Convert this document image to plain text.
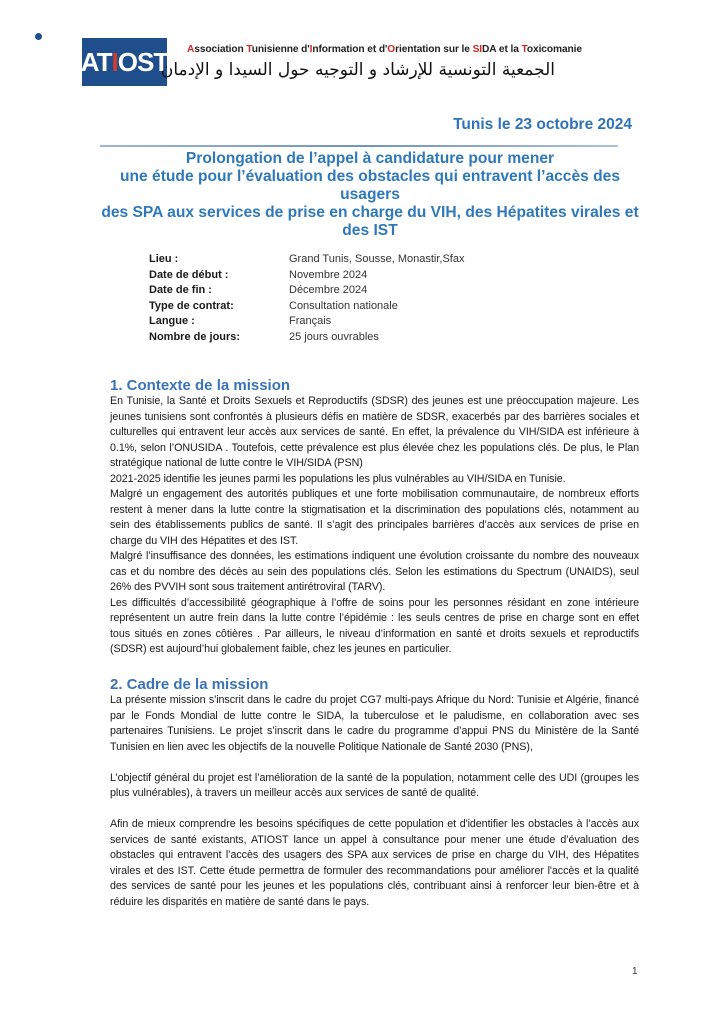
ATIOST Association Tunisienne d'Information et d'Orientation sur le SIDA et la Toxicomanie
الجمعية التونسية للإرشاد و التوجيه حول السيدا و الإدمان
Tunis le 23 octobre 2024
Prolongation de l’appel à candidature pour mener
une étude pour l’évaluation des obstacles qui entravent l’accès des usagers
des SPA aux services de prise en charge du VIH, des Hépatites virales et
des IST
Lieu :	Grand Tunis, Sousse, Monastir,Sfax
Date de début :	Novembre 2024
Date de fin :	Décembre 2024
Type de contrat:	Consultation nationale
Langue :	Français
Nombre de jours:	25 jours ouvrables
1. Contexte de la mission

En Tunisie, la Santé et Droits Sexuels et Reproductifs (SDSR) des jeunes est une préoccupation majeure. Les jeunes tunisiens sont confrontés à plusieurs défis en matière de SDSR, exacerbés par des barrières sociales et culturelles qui entravent leur accès aux services de santé. En effet, la prévalence du VIH/SIDA est inférieure à 0.1%, selon l’ONUSIDA . Toutefois, cette prévalence est plus élevée chez les populations clés. De plus, le Plan stratégique national de lutte contre le VIH/SIDA (PSN)

2021-2025 identifie les jeunes parmi les populations les plus vulnérables au VIH/SIDA en Tunisie.

Malgré un engagement des autorités publiques et une forte mobilisation communautaire, de nombreux efforts restent à mener dans la lutte contre la stigmatisation et la discrimination des populations clés, notamment au sein des établissements publics de santé. Il s’agit des principales barrières d’accès aux services de prise en charge du VIH des Hépatites et des IST.

Malgré l’insuffisance des données, les estimations indiquent une évolution croissante du nombre des nouveaux cas et du nombre des décès au sein des populations clés. Selon les estimations du Spectrum (UNAIDS), seul 26% des PVVIH sont sous traitement antirétroviral (TARV).

Les difficultés d’accessibilité géographique à l’offre de soins pour les personnes résidant en zone intérieure représentent un autre frein dans la lutte contre l’épidémie : les seuls centres de prise en charge sont en effet tous situés en zones côtières . Par ailleurs, le niveau d’information en santé et droits sexuels et reproductifs (SDSR) est aujourd’hui globalement faible, chez les jeunes en particulier.

2. Cadre de la mission

La présente mission s'inscrit dans le cadre du projet CG7 multi-pays Afrique du Nord: Tunisie et Algérie, financé par le Fonds Mondial de lutte contre le SIDA, la tuberculose et le paludisme, en collaboration avec ses partenaires Tunisiens. Le projet s’inscrit dans le cadre du programme d’appui PNS du Ministère de la Santé Tunisien en lien avec les objectifs de la nouvelle Politique Nationale de Santé 2030 (PNS),

L’objectif général du projet est l’amélioration de la santé de la population, notamment celle des UDI (groupes les plus vulnérables), à travers un meilleur accès aux services de santé de qualité.

Afin de mieux comprendre les besoins spécifiques de cette population et d'identifier les obstacles à l’accès aux services de santé existants, ATIOST lance un appel à consultance pour mener une étude d’évaluation des obstacles qui entravent l’accès des usagers des SPA aux services de prise en charge du VIH, des Hépatites virales et des IST. Cette étude permettra de formuler des recommandations pour améliorer l'accès et la qualité des services de santé pour les jeunes et les populations clés, contribuant ainsi à renforcer leur bien-être et à réduire les disparités en matière de santé dans le pays.

1
